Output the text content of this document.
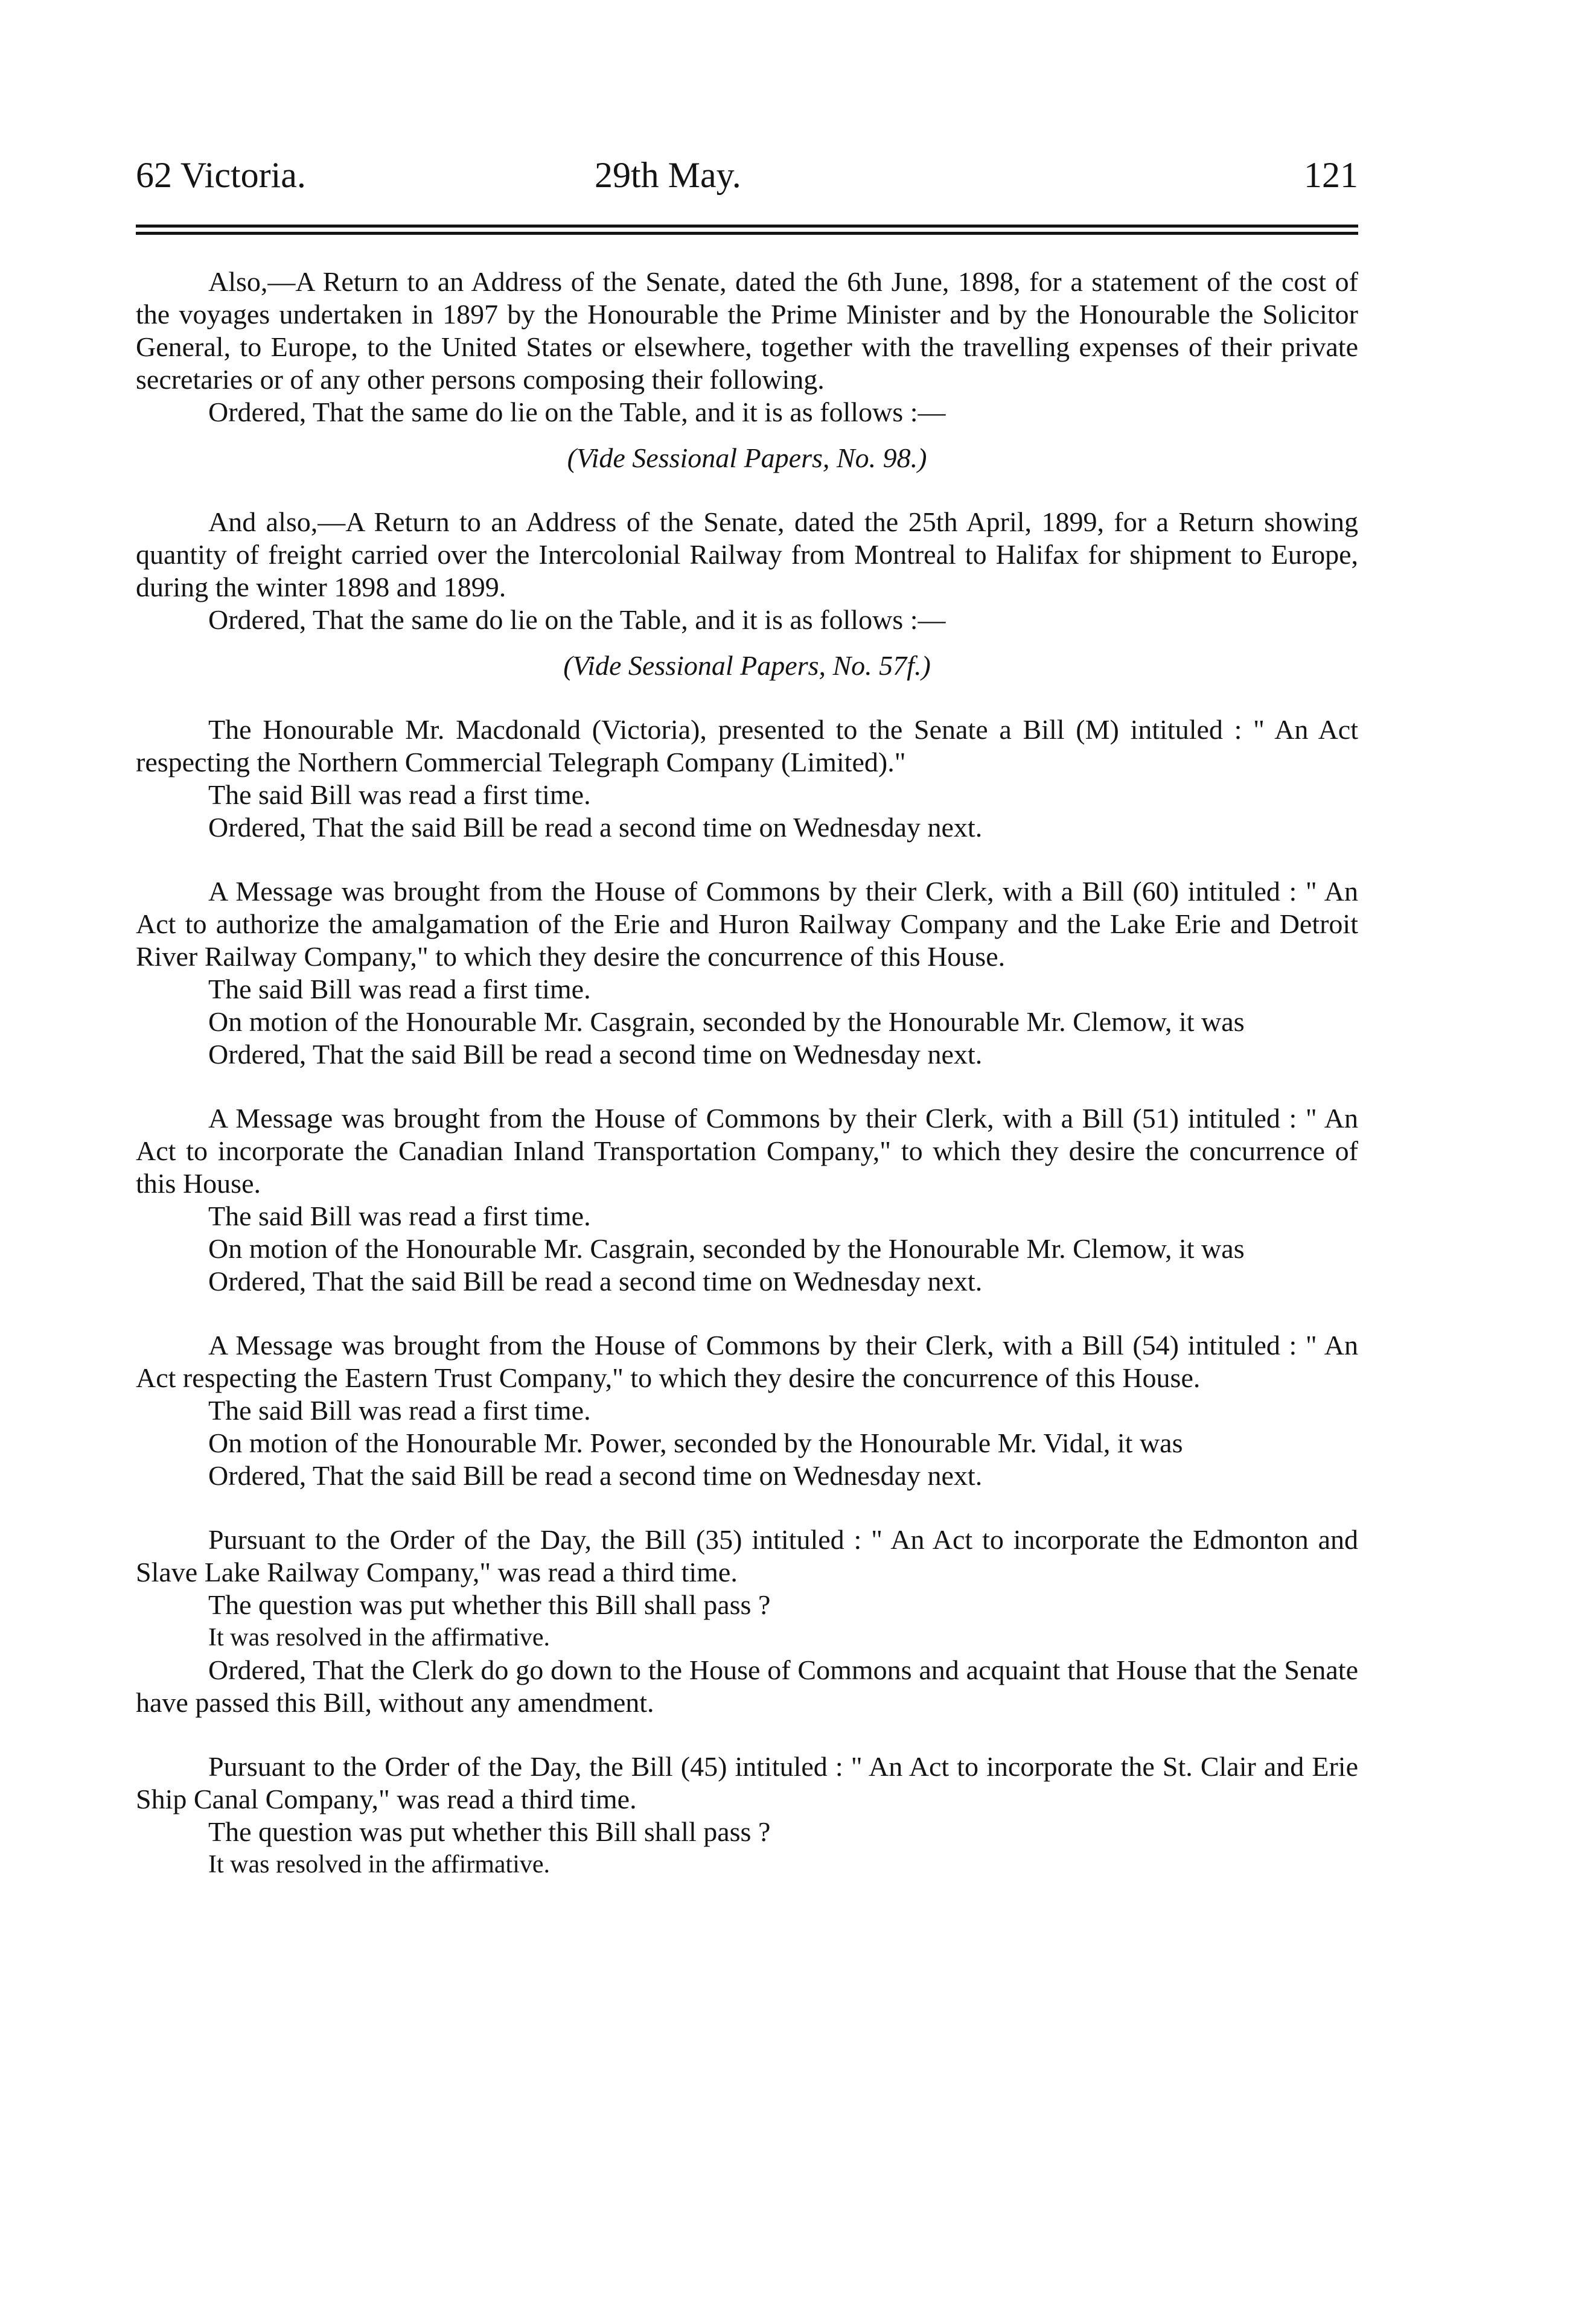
62 Victoria.	29th May.	121

Also,—A Return to an Address of the Senate, dated the 6th June, 1898, for a statement of the cost of the voyages undertaken in 1897 by the Honourable the Prime Minister and by the Honourable the Solicitor General, to Europe, to the United States or elsewhere, together with the travelling expenses of their private secretaries or of any other persons composing their following.

Ordered, That the same do lie on the Table, and it is as follows :—

(Vide Sessional Papers, No. 98.)

And also,—A Return to an Address of the Senate, dated the 25th April, 1899, for a Return showing quantity of freight carried over the Intercolonial Railway from Montreal to Halifax for shipment to Europe, during the winter 1898 and 1899.

Ordered, That the same do lie on the Table, and it is as follows :—

(Vide Sessional Papers, No. 57f.)

The Honourable Mr. Macdonald (Victoria), presented to the Senate a Bill (M) intituled : " An Act respecting the Northern Commercial Telegraph Company (Limited)."

The said Bill was read a first time.

Ordered, That the said Bill be read a second time on Wednesday next.

A Message was brought from the House of Commons by their Clerk, with a Bill (60) intituled : " An Act to authorize the amalgamation of the Erie and Huron Railway Company and the Lake Erie and Detroit River Railway Company," to which they desire the concurrence of this House.

The said Bill was read a first time.

On motion of the Honourable Mr. Casgrain, seconded by the Honourable Mr. Clemow, it was

Ordered, That the said Bill be read a second time on Wednesday next.

A Message was brought from the House of Commons by their Clerk, with a Bill (51) intituled : " An Act to incorporate the Canadian Inland Transportation Company," to which they desire the concurrence of this House.

The said Bill was read a first time.

On motion of the Honourable Mr. Casgrain, seconded by the Honourable Mr. Clemow, it was

Ordered, That the said Bill be read a second time on Wednesday next.

A Message was brought from the House of Commons by their Clerk, with a Bill (54) intituled : " An Act respecting the Eastern Trust Company," to which they desire the concurrence of this House.

The said Bill was read a first time.

On motion of the Honourable Mr. Power, seconded by the Honourable Mr. Vidal, it was

Ordered, That the said Bill be read a second time on Wednesday next.

Pursuant to the Order of the Day, the Bill (35) intituled : " An Act to incorporate the Edmonton and Slave Lake Railway Company," was read a third time.

The question was put whether this Bill shall pass ?

It was resolved in the affirmative.

Ordered, That the Clerk do go down to the House of Commons and acquaint that House that the Senate have passed this Bill, without any amendment.

Pursuant to the Order of the Day, the Bill (45) intituled : " An Act to incorporate the St. Clair and Erie Ship Canal Company," was read a third time.

The question was put whether this Bill shall pass ?

It was resolved in the affirmative.
